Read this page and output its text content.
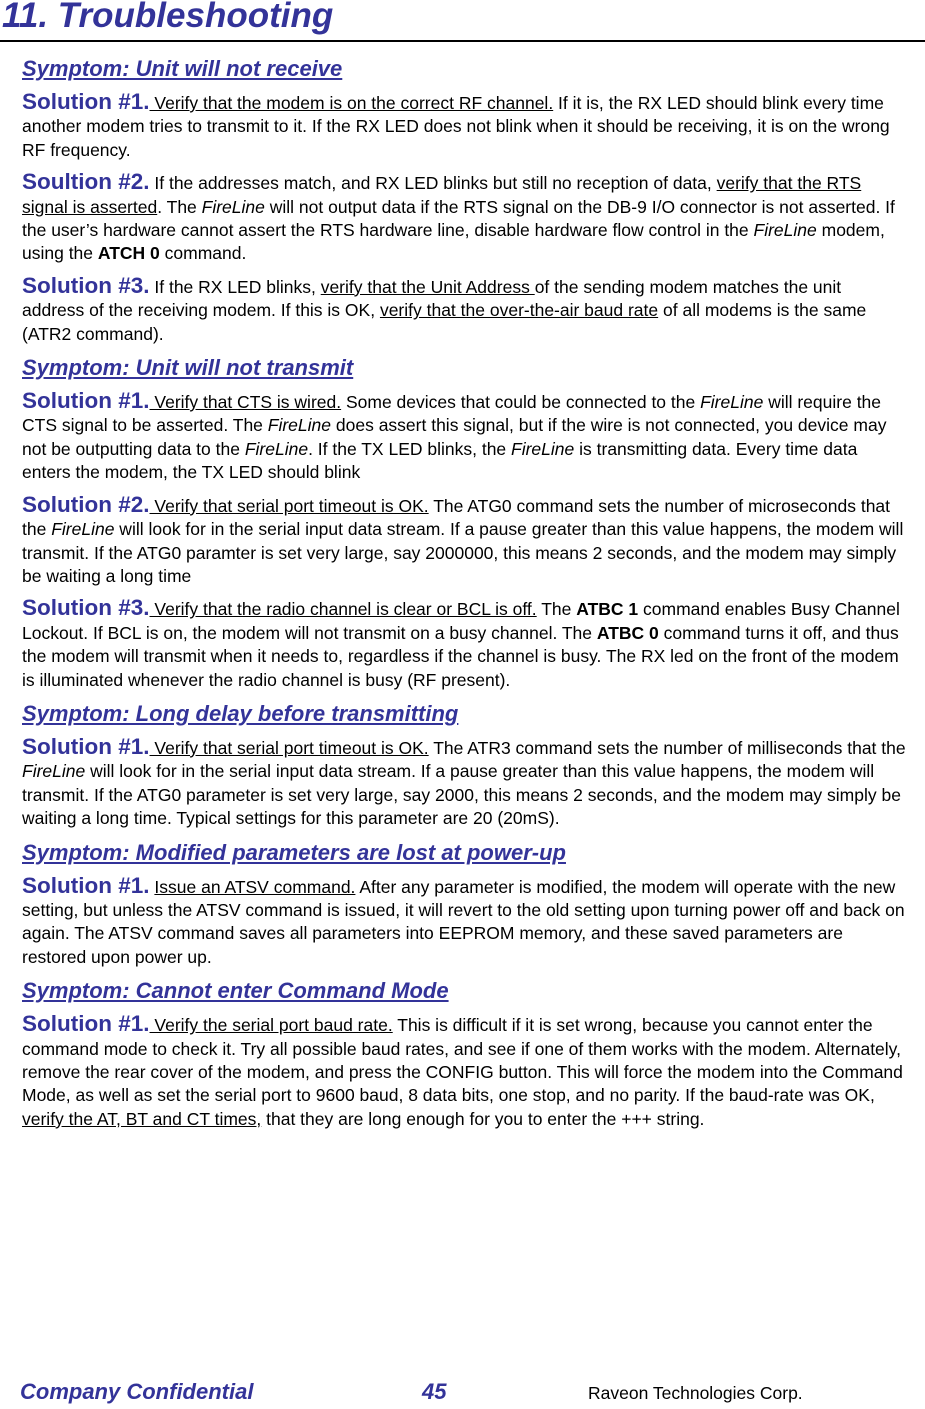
11. Troubleshooting
Symptom: Unit will not receive
Solution #1. Verify that the modem is on the correct RF channel. If it is, the RX LED should blink every time another modem tries to transmit to it. If the RX LED does not blink when it should be receiving, it is on the wrong RF frequency.
Soultion #2. If the addresses match, and RX LED blinks but still no reception of data, verify that the RTS signal is asserted. The FireLine will not output data if the RTS signal on the DB-9 I/O connector is not asserted. If the user’s hardware cannot assert the RTS hardware line, disable hardware flow control in the FireLine modem, using the ATCH 0 command.
Solution #3. If the RX LED blinks, verify that the Unit Address of the sending modem matches the unit address of the receiving modem. If this is OK, verify that the over-the-air baud rate of all modems is the same (ATR2 command).
Symptom: Unit will not transmit
Solution #1. Verify that CTS is wired. Some devices that could be connected to the FireLine will require the CTS signal to be asserted. The FireLine does assert this signal, but if the wire is not connected, you device may not be outputting data to the FireLine. If the TX LED blinks, the FireLine is transmitting data. Every time data enters the modem, the TX LED should blink
Solution #2. Verify that serial port timeout is OK. The ATG0 command sets the number of microseconds that the FireLine will look for in the serial input data stream. If a pause greater than this value happens, the modem will transmit. If the ATG0 paramter is set very large, say 2000000, this means 2 seconds, and the modem may simply be waiting a long time
Solution #3. Verify that the radio channel is clear or BCL is off. The ATBC 1 command enables Busy Channel Lockout. If BCL is on, the modem will not transmit on a busy channel. The ATBC 0 command turns it off, and thus the modem will transmit when it needs to, regardless if the channel is busy. The RX led on the front of the modem is illuminated whenever the radio channel is busy (RF present).
Symptom: Long delay before transmitting
Solution #1. Verify that serial port timeout is OK. The ATR3 command sets the number of milliseconds that the FireLine will look for in the serial input data stream. If a pause greater than this value happens, the modem will transmit. If the ATG0 parameter is set very large, say 2000, this means 2 seconds, and the modem may simply be waiting a long time. Typical settings for this parameter are 20 (20mS).
Symptom: Modified parameters are lost at power-up
Solution #1. Issue an ATSV command. After any parameter is modified, the modem will operate with the new setting, but unless the ATSV command is issued, it will revert to the old setting upon turning power off and back on again. The ATSV command saves all parameters into EEPROM memory, and these saved parameters are restored upon power up.
Symptom: Cannot enter Command Mode
Solution #1. Verify the serial port baud rate. This is difficult if it is set wrong, because you cannot enter the command mode to check it. Try all possible baud rates, and see if one of them works with the modem. Alternately, remove the rear cover of the modem, and press the CONFIG button. This will force the modem into the Command Mode, as well as set the serial port to 9600 baud, 8 data bits, one stop, and no parity. If the baud-rate was OK, verify the AT, BT and CT times, that they are long enough for you to enter the +++ string.
Company Confidential	45	Raveon Technologies Corp.
